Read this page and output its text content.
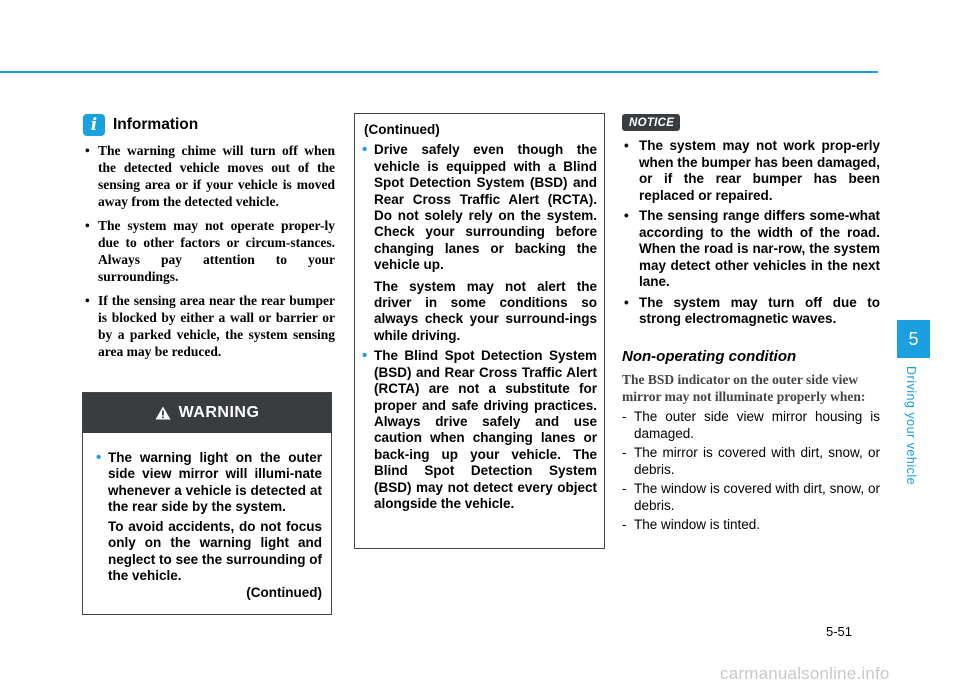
i	Information
• The warning chime will turn off when the detected vehicle moves out of the sensing area or if your vehicle is moved away from the detected vehicle.
• The system may not operate proper-ly due to other factors or circum-stances. Always pay attention to your surroundings.
• If the sensing area near the rear bumper is blocked by either a wall or barrier or by a parked vehicle, the system sensing area may be reduced.
WARNING
• The warning light on the outer side view mirror will illumi-nate whenever a vehicle is detected at the rear side by the system.
To avoid accidents, do not focus only on the warning light and neglect to see the surrounding of the vehicle.
(Continued)
(Continued)
• Drive safely even though the vehicle is equipped with a Blind Spot Detection System (BSD) and Rear Cross Traffic Alert (RCTA). Do not solely rely on the system. Check your surrounding before changing lanes or backing the vehicle up.
The system may not alert the driver in some conditions so always check your surround-ings while driving.
• The Blind Spot Detection System (BSD) and Rear Cross Traffic Alert (RCTA) are not a substitute for proper and safe driving practices. Always drive safely and use caution when changing lanes or back-ing up your vehicle. The Blind Spot Detection System (BSD) may not detect every object alongside the vehicle.
NOTICE
• The system may not work prop-erly when the bumper has been damaged, or if the rear bumper has been replaced or repaired.
• The sensing range differs some-what according to the width of the road. When the road is nar-row, the system may detect other vehicles in the next lane.
• The system may turn off due to strong electromagnetic waves.
Non-operating condition
The BSD indicator on the outer side view mirror may not illuminate properly when:
- The outer side view mirror housing is damaged.
- The mirror is covered with dirt, snow, or debris.
- The window is covered with dirt, snow, or debris.
- The window is tinted.
5
Driving your vehicle
5-51
carmanualsonline.info
